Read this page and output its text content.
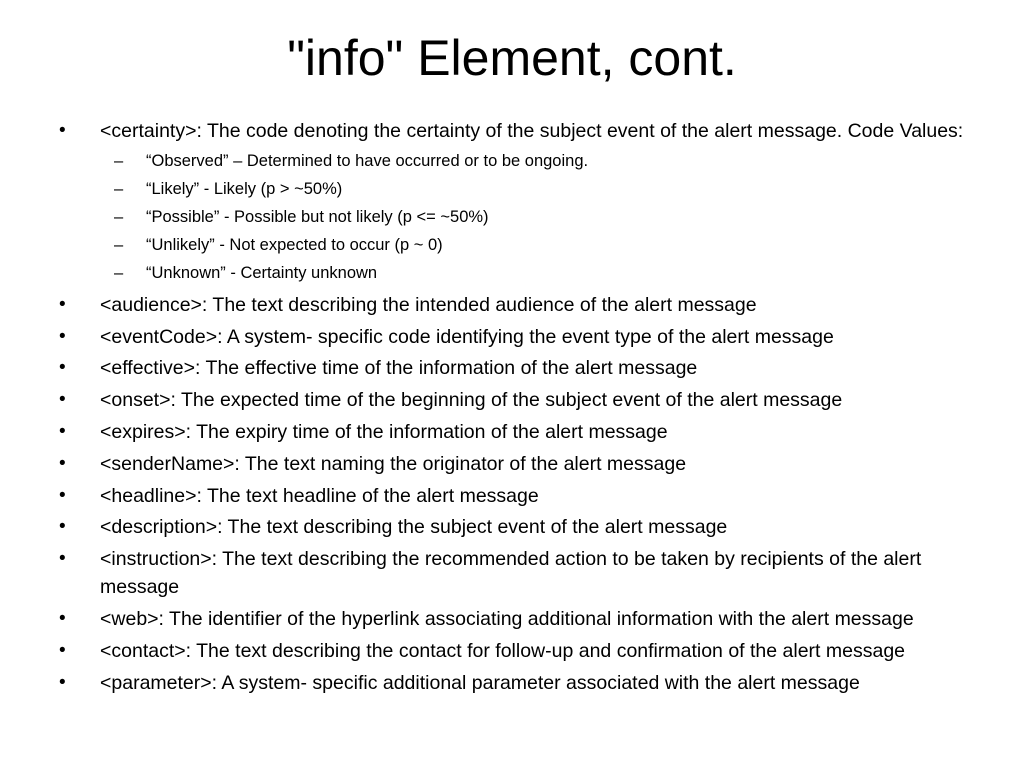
"info" Element, cont.
•	<certainty>: The code denoting the certainty of the subject event of the alert message. Code Values:
– “Observed” – Determined to have occurred or to be ongoing.
– “Likely” - Likely (p > ~50%)
– “Possible” - Possible but not likely (p <= ~50%)
– “Unlikely” - Not expected to occur (p ~ 0)
– “Unknown” - Certainty unknown
•	<audience>: The text describing the intended audience of the alert message
•	<eventCode>: A system- specific code identifying the event type of the alert message
•	<effective>: The effective time of the information of the alert message
•	<onset>: The expected time of the beginning of the subject event of the alert message
•	<expires>: The expiry time of the information of the alert message
•	<senderName>: The text naming the originator of the alert message
•	<headline>: The text headline of the alert message
•	<description>: The text describing the subject event of the alert message
•	<instruction>: The text describing the recommended action to be taken by recipients of the alert message
•	<web>: The identifier of the hyperlink associating additional information with the alert message
•	<contact>: The text describing the contact for follow-up and confirmation of the alert message
•	<parameter>: A system- specific additional parameter associated with the alert message
